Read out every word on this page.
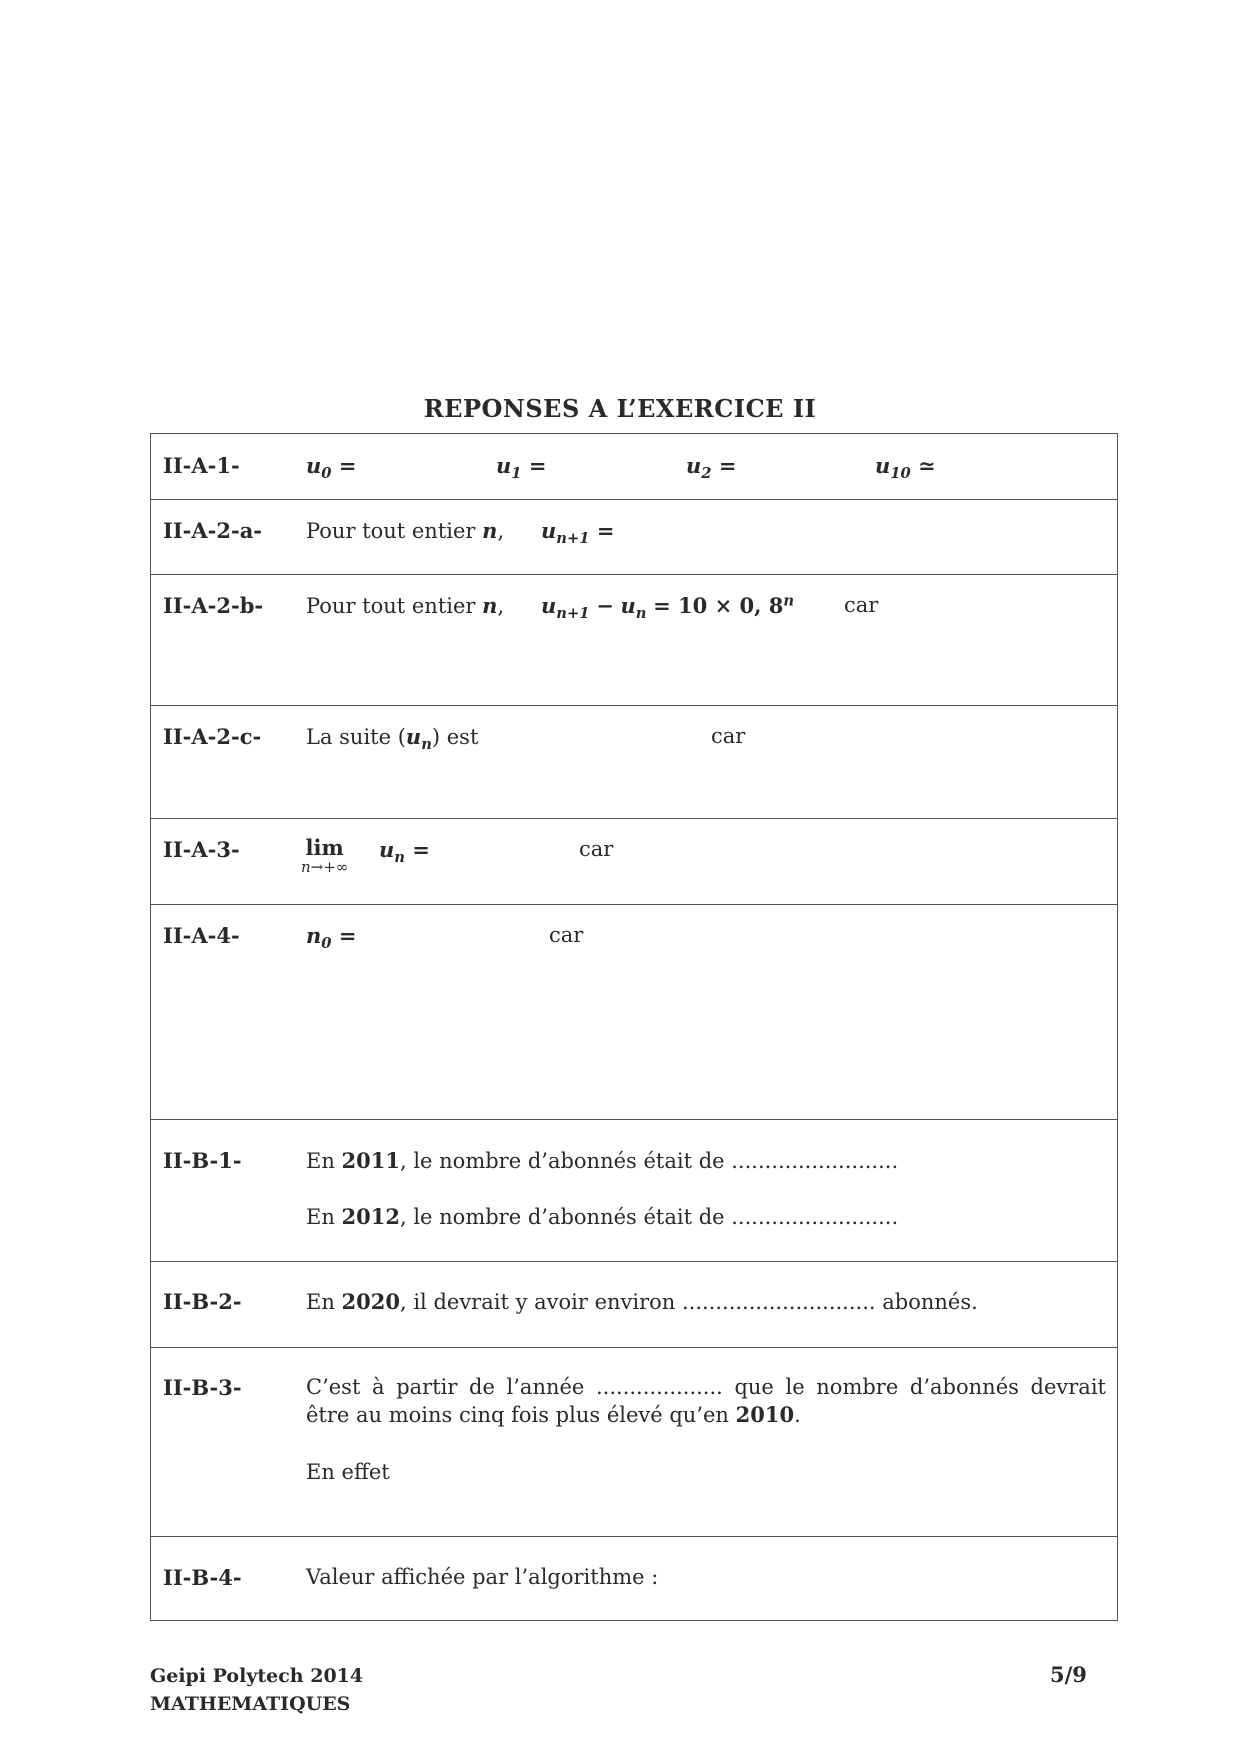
REPONSES A L’EXERCICE II
II-A-1-	$u_0$ =	$u_1$ =	$u_2$ =	$u_{10}$ ≃

II-A-2-a- Pour tout entier n, $u_{n+1}$ =

II-A-2-b- Pour tout entier n, $u_{n+1} - u_n = 10 \times 0$, 8$^n$ car

II-A-2-c- La suite $(u_n)$ est	car

II-A-3-	lim
n→+∞
$u_n$ =	car

II-A-4-	$n_0$ =	car

II-B-1-	En 2011, le nombre d’abonnés était de .........................
En 2012, le nombre d’abonnés était de .........................

II-B-2-	En 2020, il devrait y avoir environ ............................. abonnés.

II-B-3-	C’est à partir de l’année ................... que le nombre d’abonnés devrait être au moins cinq fois plus élevé qu’en 2010.
En effet

II-B-4-	Valeur affichée par l’algorithme :
Geipi Polytech 2014
MATHEMATIQUES
5/9
